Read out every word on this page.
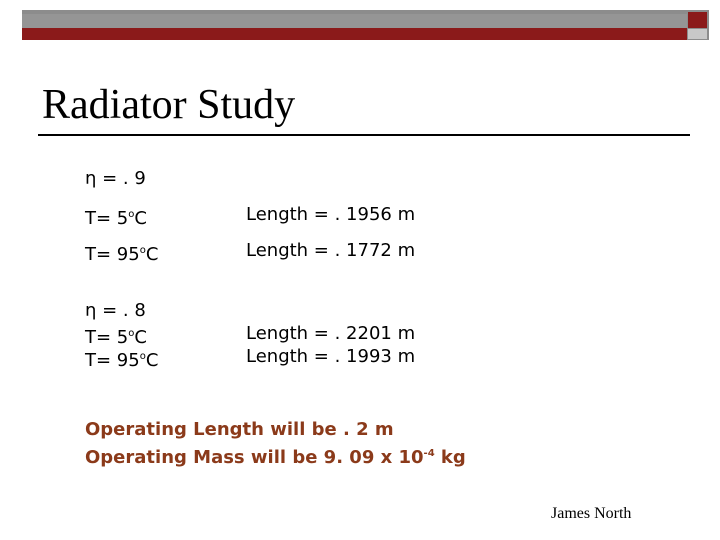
Radiator Study
η = . 9
$T= 5^oC$	Length = . 1956 m
$T= 95^oC$	Length = . 1772 m
η = . 8
$T= 5^oC$	Length = . 2201 m
$T= 95^oC$	Length = . 1993 m
Operating Length will be . 2 m
Operating Mass will be 9. 09 x $10^{-4}$ kg
James North
